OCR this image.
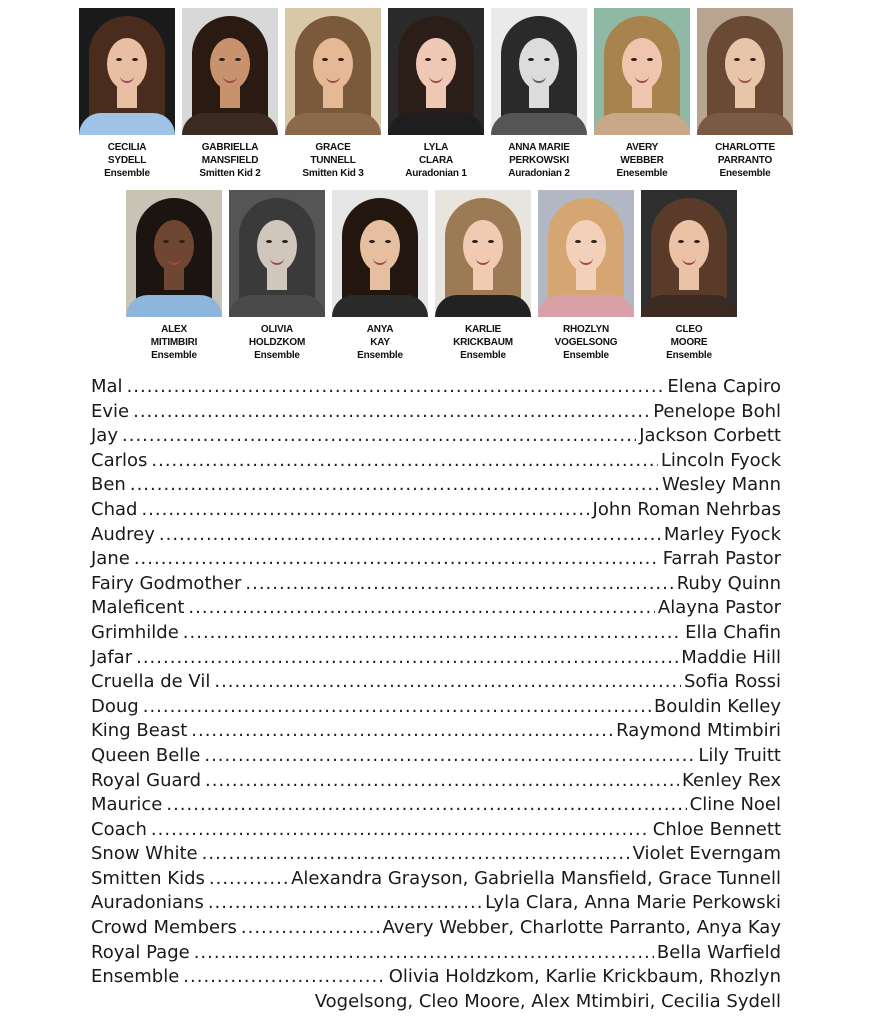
CECILIA
SYDELL
Ensemble
GABRIELLA
MANSFIELD
Smitten Kid 2
GRACE
TUNNELL
Smitten Kid 3
LYLA
CLARA
Auradonian 1
ANNA MARIE
PERKOWSKI
Auradonian 2
AVERY
WEBBER
Enesemble
CHARLOTTE
PARRANTO
Enesemble
ALEX
MITIMBIRI
Ensemble
OLIVIA
HOLDZKOM
Ensemble
ANYA
KAY
Ensemble
KARLIE
KRICKBAUM
Ensemble
RHOZLYN
VOGELSONG
Ensemble
CLEO
MOORE
Ensemble
Mal .....	Elena Capiro
Evie .....	Penelope Bohl
Jay .....	Jackson Corbett
Carlos .....	Lincoln Fyock
Ben .....	Wesley Mann
Chad .....	John Roman Nehrbas
Audrey .....	Marley Fyock
Jane .....	Farrah Pastor
Fairy Godmother .....	Ruby Quinn
Maleficent .....	Alayna Pastor
Grimhilde .....	Ella Chafin
Jafar .....	Maddie Hill
Cruella de Vil .....	Sofia Rossi
Doug .....	Bouldin Kelley
King Beast .....	Raymond Mtimbiri
Queen Belle .....	Lily Truitt
Royal Guard .....	Kenley Rex
Maurice .....	Cline Noel
Coach .....	Chloe Bennett
Snow White .....	Violet Everngam
Smitten Kids .....	Alexandra Grayson, Gabriella Mansfield, Grace Tunnell
Auradonians .....	Lyla Clara, Anna Marie Perkowski
Crowd Members .....	Avery Webber, Charlotte Parranto, Anya Kay
Royal Page .....	Bella Warfield
Ensemble .....	Olivia Holdzkom, Karlie Krickbaum, Rhozlyn
Vogelsong, Cleo Moore, Alex Mtimbiri, Cecilia Sydell
